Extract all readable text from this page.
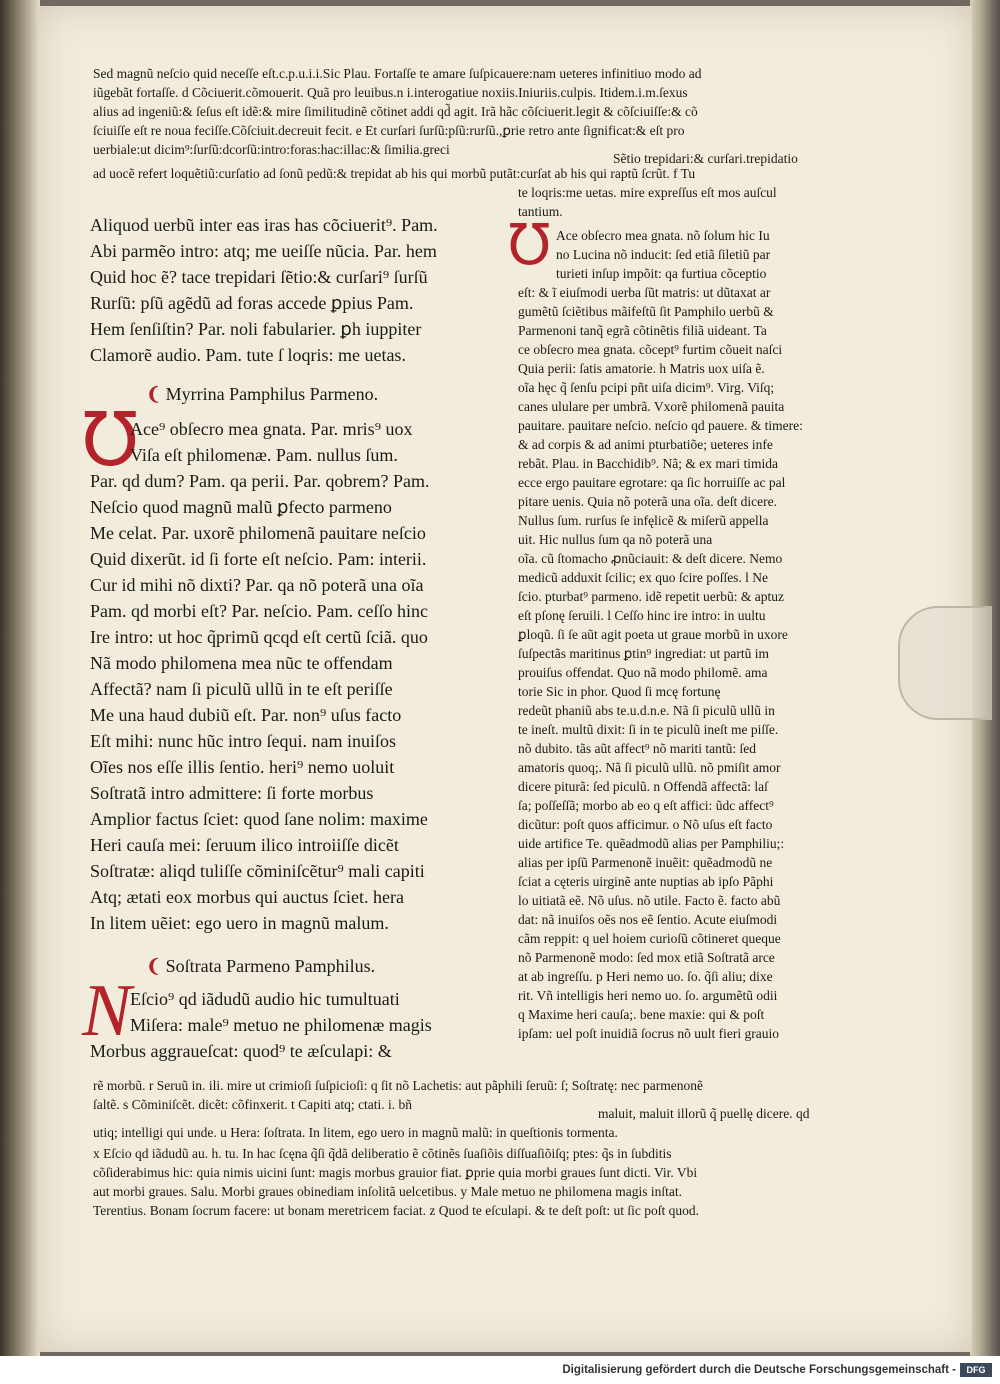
Sed magnũ neſcio quid neceſſe eſt.c.p.u.i.i.Sic Plau. Fortaſſe te amare ſuſpicauere:nam ueteres infinitiuo modo ad
iũgebãt fortaſſe. d Cõciuerit.cõmouerit. Quã pro leuibus.n i.interogatiue noxiis.Iniuriis.culpis. Itidem.i.m.ſexus
alius ad ingeniũ:& ſeſus eſt idẽ:& mire ſimilitudinẽ cõtinet addi qd̃ agit. Irã hãc cõſciuerit.legit & cõſciuiſſe:& cõ
ſciuiſſe eſt re noua feciſſe.Cõſciuit.decreuit fecit. e Et curſari ſurſũ:pſũ:rurſũ.,ꝑrie retro ante ſignificat:& eſt pro
uerbiale:ut dicim⁹:ſurſũ:dcorſũ:intro:foras:hac:illac:& ſimilia.greci
Sẽtio trepidari:& curſari.trepidatio
ad uocẽ refert loquẽtiũ:curſatio ad ſonũ pedũ:& trepidat ab his qui morbũ putãt:curſat ab his qui raptũ ſcrũt. f Tu
te loqris:me uetas. mire expreſſus eſt mos auſcul
tantium.
Aliquod uerbũ inter eas iras has cõciuerit⁹. Pam.
Abi parmẽo intro: atq; me ueiſſe nũcia. Par. hem
Quid hoc ẽ? tace trepidari ſẽtio:& curſari⁹ ſurſũ
Rurſũ: pſũ agẽdũ ad foras accede ꝑpius Pam.
Hem ſenſiſtin? Par. noli fabularier. ꝑh iuppiter
Clamorẽ audio. Pam. tute ſ loqris: me uetas.
❨ Myrrina Pamphilus Parmeno.
℧
Ace⁹ obſecro mea gnata. Par. mris⁹ uox
Viſa eſt philomenæ. Pam. nullus ſum.
Par. qd dum? Pam. qa perii. Par. qobrem? Pam.
Neſcio quod magnũ malũ ꝑfecto parmeno
Me celat. Par. uxorẽ philomenã pauitare neſcio
Quid dixerũt. id ſi forte eſt neſcio. Pam: interii.
Cur id mihi nõ dixti? Par. qa nõ poterã una oĩa
Pam. qd morbi eſt? Par. neſcio. Pam. ceſſo hinc
Ire intro: ut hoc q̃primũ qcqd eſt certũ ſciã. quo
Nã modo philomena mea nũc te offendam
Affectã? nam ſi piculũ ullũ in te eſt periſſe
Me una haud dubiũ eſt. Par. non⁹ uſus facto
Eſt mihi: nunc hũc intro ſequi. nam inuiſos
Oĩes nos eſſe illis ſentio. heri⁹ nemo uoluit
Soſtratã intro admittere: ſi forte morbus
Amplior factus ſciet: quod ſane nolim: maxime
Heri cauſa mei: ſeruum ilico introiiſſe dicẽt
Soſtratæ: aliqd tuliſſe cõminiſcẽtur⁹ mali capiti
Atq; ætati eox morbus qui auctus ſciet. hera
In litem uẽiet: ego uero in magnũ malum.
❨ Soſtrata Parmeno Pamphilus.
N
Eſcio⁹ qd iãdudũ audio hic tumultuati
Miſera: male⁹ metuo ne philomenæ magis
Morbus aggraueſcat: quod⁹ te æſculapi: &
℧ Ace obſecro mea gnata. nõ ſolum hic Iu
no Lucina nõ inducit: ſed etiã ſiletiũ par
turieti inſup impõit: qa furtiua cõceptio
eſt: & ĩ eiuſmodi uerba ſũt matris: ut dũtaxat ar
gumẽtũ ſciẽtibus mãifeſtũ ſit Pamphilo uerbũ &
Parmenoni tanq̃ egrã cõtinẽtis filiã uideant. Ta
ce obſecro mea gnata. cõcept⁹ furtim cõueit naſci
Quia perii: ſatis amatorie. h Matris uox uiſa ẽ.
oĩa hęc q̃ ſenſu pcipi pñt uiſa dicim⁹. Virg. Viſq;
canes ululare per umbrã. Vxorẽ philomenã pauita
pauitare. pauitare neſcio. neſcio qd pauere. & timere:
& ad corpis & ad animi pturbatiõe; ueteres infe
rebãt. Plau. in Bacchidib⁹. Nã; & ex mari timida
ecce ergo pauitare egrotare: qa ſic horruiſſe ac pal
pitare uenis. Quia nõ poterã una oĩa. deſt dicere.
Nullus ſum. rurſus ſe infęlicẽ & miſerũ appella
uit. Hic nullus ſum qa nõ poterã una
oĩa. cũ ſtomacho ꝓnũciauit: & deſt dicere. Nemo
medicũ adduxit ſcilic; ex quo ſcire poſſes. l Ne
ſcio. pturbat⁹ parmeno. idẽ repetit uerbũ: & aptuz
eſt pſonę ſeruili. l Ceſſo hinc ire intro: in uultu
ꝑloqũ. ſi ſe aũt agit poeta ut graue morbũ in uxore
ſuſpectãs maritinus ꝑtin⁹ ingrediat: ut partũ im
prouiſus offendat. Quo nã modo philomẽ. ama
torie Sic in phor. Quod ſi mcę fortunę
redeũt phaniũ abs te.u.d.n.e. Nã ſi piculũ ullũ in
te ineſt. multũ dixit: ſi in te piculũ ineſt me piſſe.
nõ dubito. tãs aũt affect⁹ nõ mariti tantũ: ſed
amatoris quoq;. Nã ſi piculũ ullũ. nõ pmiſit amor
dicere piturã: ſed piculũ. n Offendã affectã: laſ
ſa; poſſeſſã; morbo ab eo q eſt affici: ũdc affect⁹
dicũtur: poſt quos afficimur. o Nõ uſus eſt facto
uide artifice Te. quẽadmodũ alias per Pamphiliu;:
alias per ipſũ Parmenonẽ inuẽit: quẽadmodũ ne
ſciat a cęteris uirginẽ ante nuptias ab ipſo Pãphi
lo uitiatã eẽ. Nõ uſus. nõ utile. Facto ẽ. facto abũ
dat: nã inuiſos oẽs nos eẽ ſentio. Acute eiuſmodi
cãm reppit: q uel hoiem curioſũ cõtineret queque
nõ Parmenonẽ modo: ſed mox etiã Soſtratã arce
at ab ingreſſu. p Heri nemo uo. ſo. q̃ſi aliu; dixe
rit. Vñ intelligis heri nemo uo. ſo. argumẽtũ odii
q Maxime heri cauſa;. bene maxie: qui & poſt
ipſam: uel poſt inuidiã ſocrus nõ uult fieri grauio
rẽ morbũ. r Seruũ in. ili. mire ut crimioſi ſuſpicioſi: q ſit nõ Lachetis: aut pãphili ſeruũ: ſ; Soſtratę: nec parmenonẽ
ſaltẽ. s Cõminiſcẽt. dicẽt: cõfinxerit. t Capiti atq; ctati. i. bñ
maluit, maluit illorũ q̃ puellę dicere. qd
utiq; intelligi qui unde. u Hera: ſoſtrata. In litem, ego uero in magnũ malũ: in queſtionis tormenta.
x Eſcio qd iãdudũ au. h. tu. In hac ſcęna q̃ſi q̃dã deliberatio ẽ cõtinẽs ſuaſiõis diſſuaſiõiſq; ptes: q̃s in ſubditis
cõſiderabimus hic: quia nimis uicini ſunt: magis morbus grauior fiat. ꝑprie quia morbi graues ſunt dicti. Vir. Vbi
aut morbi graues. Salu. Morbi graues obinediam inſolitã uelcetibus. y Male metuo ne philomena magis inſtat.
Terentius. Bonam ſocrum facere: ut bonam meretricem faciat. z Quod te eſculapi. & te deſt poſt: ut ſic poſt quod.
Digitalisierung gefördert durch die Deutsche Forschungsgemeinschaft -	DFG
